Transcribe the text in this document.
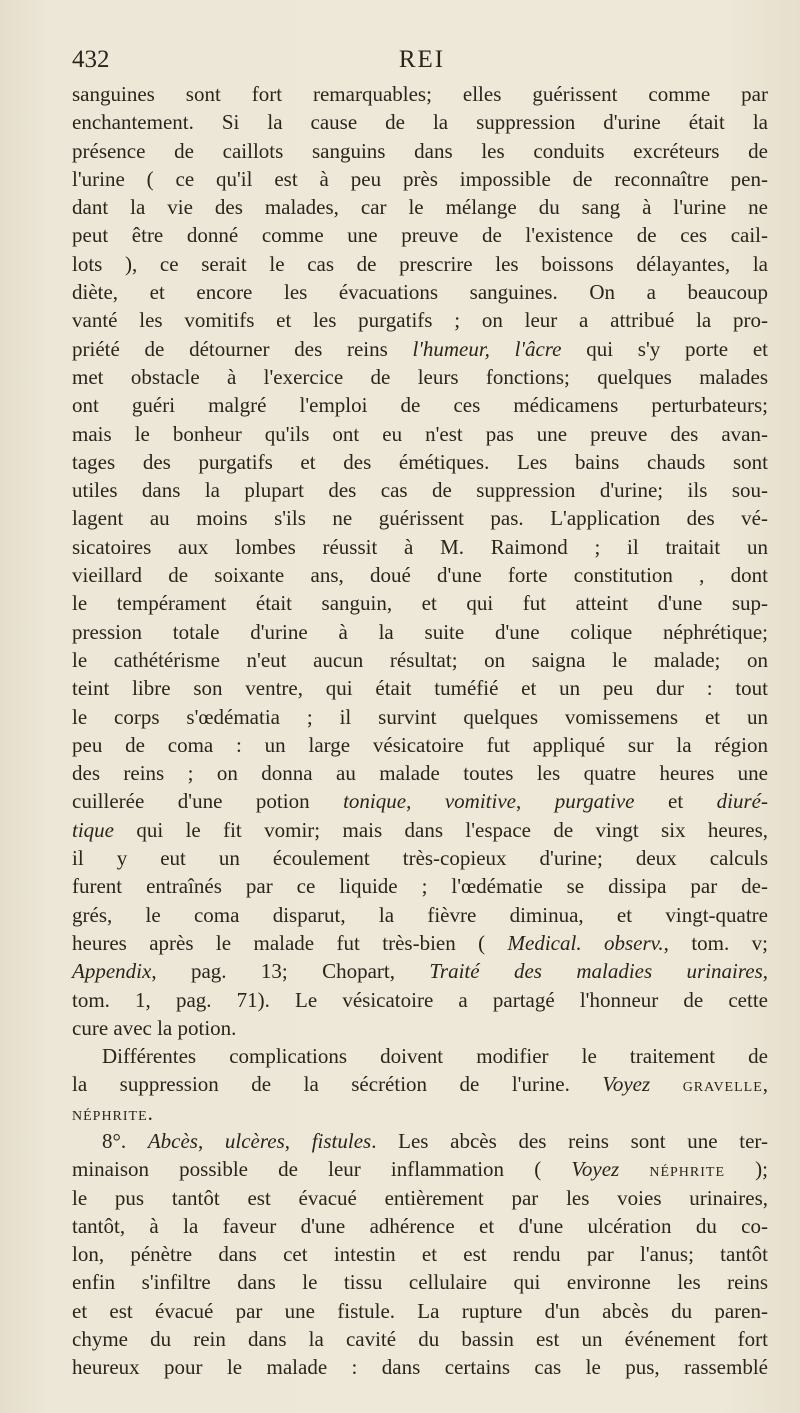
432	REI
sanguines sont fort remarquables; elles guérissent comme par
enchantement. Si la cause de la suppression d'urine était la
présence de caillots sanguins dans les conduits excréteurs de
l'urine ( ce qu'il est à peu près impossible de reconnaître pen-
dant la vie des malades, car le mélange du sang à l'urine ne
peut être donné comme une preuve de l'existence de ces cail-
lots ), ce serait le cas de prescrire les boissons délayantes, la
diète, et encore les évacuations sanguines. On a beaucoup
vanté les vomitifs et les purgatifs ; on leur a attribué la pro-
priété de détourner des reins l'humeur, l'âcre qui s'y porte et
met obstacle à l'exercice de leurs fonctions; quelques malades
ont guéri malgré l'emploi de ces médicamens perturbateurs;
mais le bonheur qu'ils ont eu n'est pas une preuve des avan-
tages des purgatifs et des émétiques. Les bains chauds sont
utiles dans la plupart des cas de suppression d'urine; ils sou-
lagent au moins s'ils ne guérissent pas. L'application des vé-
sicatoires aux lombes réussit à M. Raimond ; il traitait un
vieillard de soixante ans, doué d'une forte constitution , dont
le tempérament était sanguin, et qui fut atteint d'une sup-
pression totale d'urine à la suite d'une colique néphrétique;
le cathétérisme n'eut aucun résultat; on saigna le malade; on
teint libre son ventre, qui était tuméfié et un peu dur : tout
le corps s'œdématia ; il survint quelques vomissemens et un
peu de coma : un large vésicatoire fut appliqué sur la région
des reins ; on donna au malade toutes les quatre heures une
cuillerée d'une potion tonique, vomitive, purgative et diuré-
tique qui le fit vomir; mais dans l'espace de vingt six heures,
il y eut un écoulement très-copieux d'urine; deux calculs
furent entraînés par ce liquide ; l'œdématie se dissipa par de-
grés, le coma disparut, la fièvre diminua, et vingt-quatre
heures après le malade fut très-bien ( Medical. observ., tom. v;
Appendix, pag. 13; Chopart, Traité des maladies urinaires,
tom. 1, pag. 71). Le vésicatoire a partagé l'honneur de cette
cure avec la potion.
Différentes complications doivent modifier le traitement de
la suppression de la sécrétion de l'urine. Voyez GRAVELLE,
NÉPHRITE.
8°. Abcès, ulcères, fistules. Les abcès des reins sont une ter-
minaison possible de leur inflammation ( Voyez NÉPHRITE );
le pus tantôt est évacué entièrement par les voies urinaires,
tantôt, à la faveur d'une adhérence et d'une ulcération du co-
lon, pénètre dans cet intestin et est rendu par l'anus; tantôt
enfin s'infiltre dans le tissu cellulaire qui environne les reins
et est évacué par une fistule. La rupture d'un abcès du paren-
chyme du rein dans la cavité du bassin est un événement fort
heureux pour le malade : dans certains cas le pus, rassemblé
